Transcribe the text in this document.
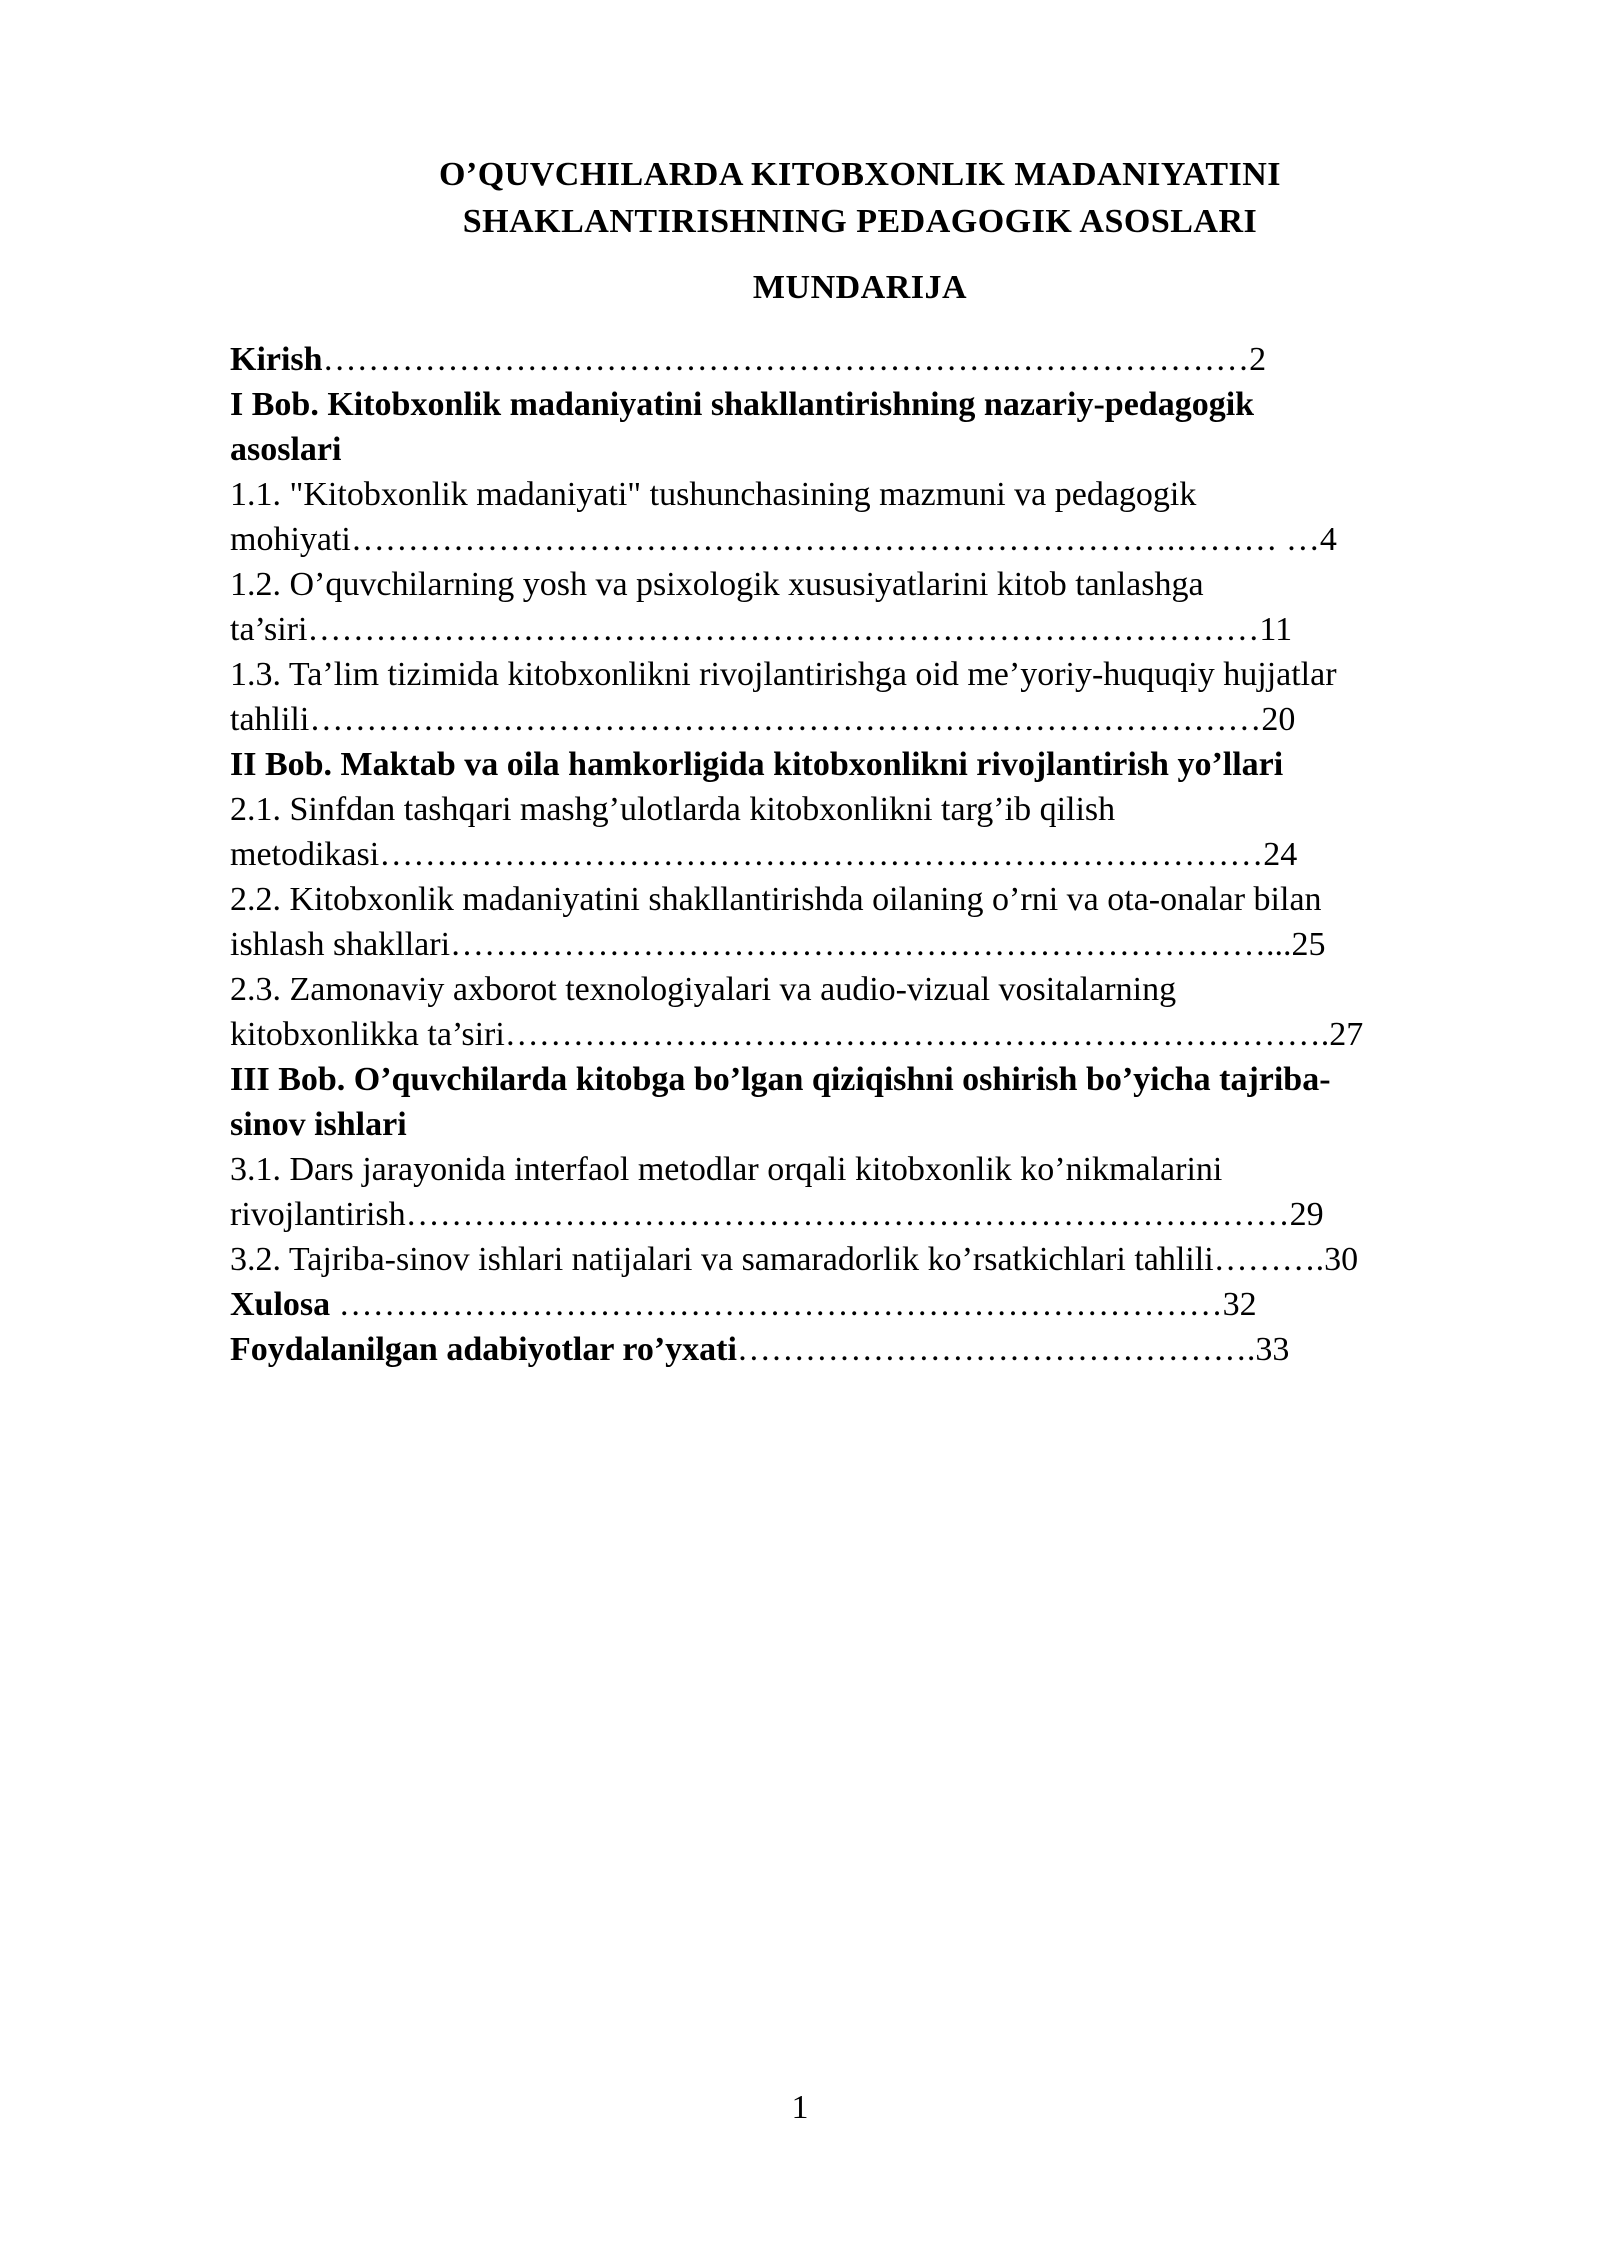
O’QUVCHILARDA KITOBXONLIK MADANIYATINI
SHAKLANTIRISHNING PEDAGOGIK ASOSLARI
MUNDARIJA
Kirish…………………………………………………….…………………2
I Bob. Kitobxonlik madaniyatini shakllantirishning nazariy-pedagogik
asoslari
1.1. "Kitobxonlik madaniyati" tushunchasining mazmuni va pedagogik
mohiyati……………………………………………………………….……… …4
1.2. O’quvchilarning yosh va psixologik xususiyatlarini kitob tanlashga
ta’siri…………………………………………………………………………11
1.3. Ta’lim tizimida kitobxonlikni rivojlantirishga oid me’yoriy-huquqiy hujjatlar
tahlili…………………………………………………………………………20
II Bob. Maktab va oila hamkorligida kitobxonlikni rivojlantirish yo’llari
2.1. Sinfdan tashqari mashg’ulotlarda kitobxonlikni targ’ib qilish
metodikasi……………………………………………………………………24
2.2. Kitobxonlik madaniyatini shakllantirishda oilaning o’rni va ota-onalar bilan
ishlash shakllari………………………………………………………………...25
2.3. Zamonaviy axborot texnologiyalari va audio-vizual vositalarning
kitobxonlikka ta’siri……………………………………………………………….27
III Bob. O’quvchilarda kitobga bo’lgan qiziqishni oshirish bo’yicha tajriba-
sinov ishlari
3.1. Dars jarayonida interfaol metodlar orqali kitobxonlik ko’nikmalarini
rivojlantirish……………………………………………………………………29
3.2. Tajriba-sinov ishlari natijalari va samaradorlik ko’rsatkichlari tahlili……….30
Xulosa ……………………………………………………………………32
Foydalanilgan adabiyotlar ro’yxati……………………………………….33
1
